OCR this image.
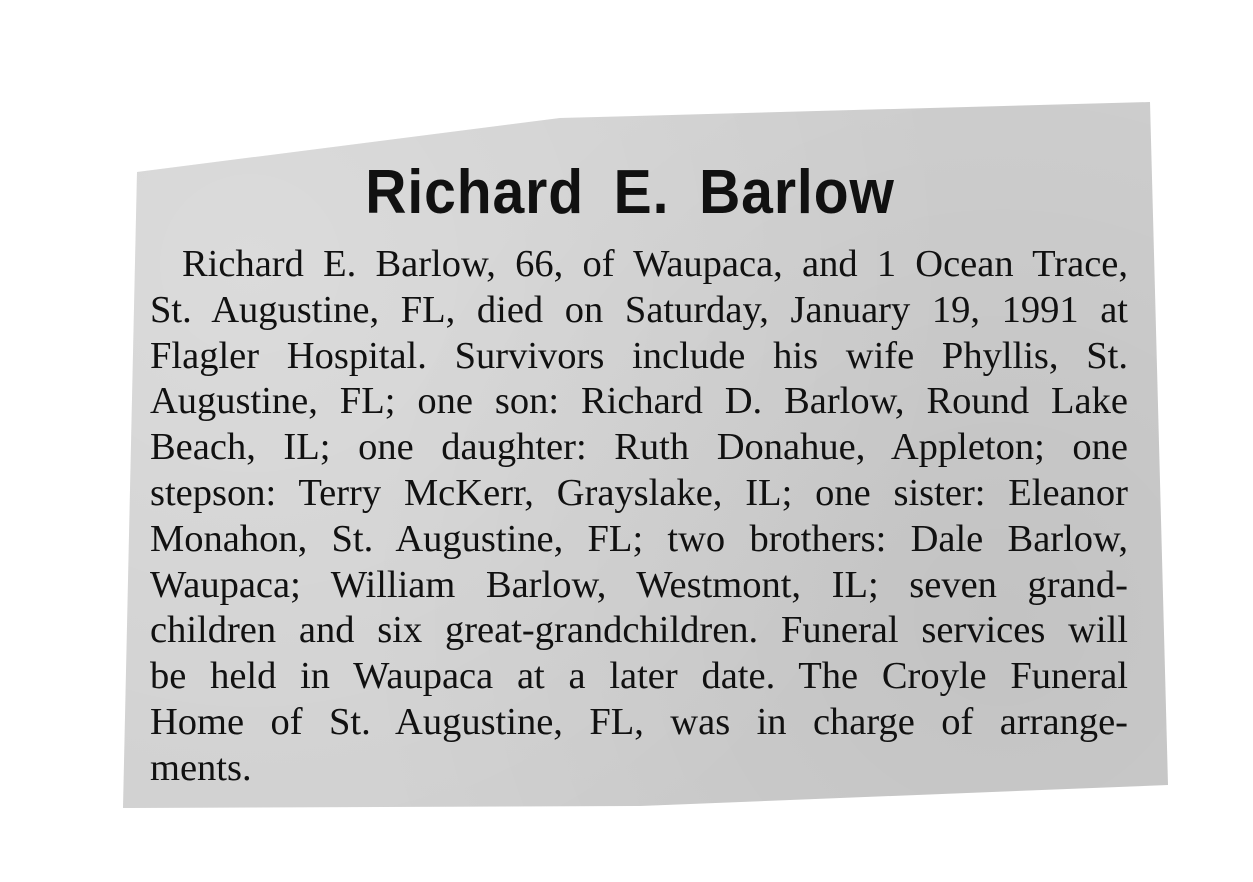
Richard E. Barlow
Richard E. Barlow, 66, of Waupaca, and 1 Ocean Trace,
St. Augustine, FL, died on Saturday, January 19, 1991 at
Flagler Hospital. Survivors include his wife Phyllis, St.
Augustine, FL; one son: Richard D. Barlow, Round Lake
Beach, IL; one daughter: Ruth Donahue, Appleton; one
stepson: Terry McKerr, Grayslake, IL; one sister: Eleanor
Monahon, St. Augustine, FL; two brothers: Dale Barlow,
Waupaca; William Barlow, Westmont, IL; seven grand-
children and six great-grandchildren. Funeral services will
be held in Waupaca at a later date. The Croyle Funeral
Home of St. Augustine, FL, was in charge of arrange-
ments.
